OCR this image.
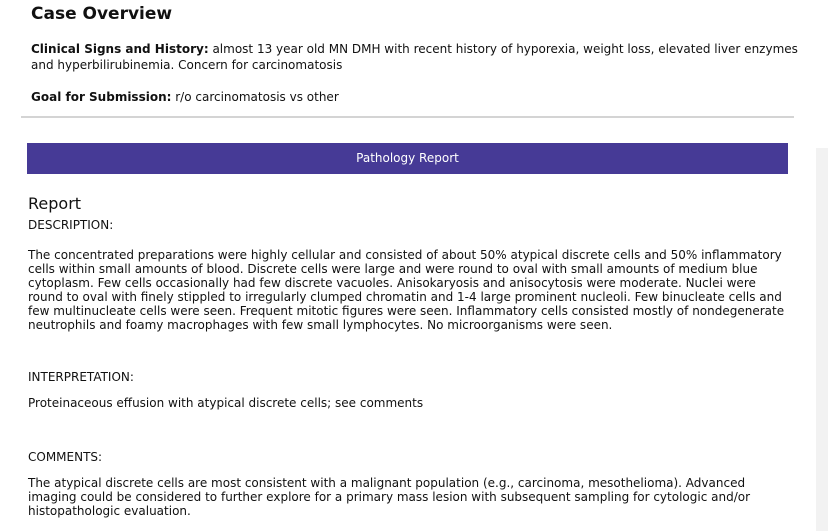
Case Overview

Clinical Signs and History: almost 13 year old MN DMH with recent history of hyporexia, weight loss, elevated liver enzymes and hyperbilirubinemia. Concern for carcinomatosis

Goal for Submission: r/o carcinomatosis vs other

Pathology Report
Report

DESCRIPTION:

The concentrated preparations were highly cellular and consisted of about 50% atypical discrete cells and 50% inflammatory cells within small amounts of blood. Discrete cells were large and were round to oval with small amounts of medium blue cytoplasm. Few cells occasionally had few discrete vacuoles. Anisokaryosis and anisocytosis were moderate. Nuclei were round to oval with finely stippled to irregularly clumped chromatin and 1-4 large prominent nucleoli. Few binucleate cells and few multinucleate cells were seen. Frequent mitotic figures were seen. Inflammatory cells consisted mostly of nondegenerate neutrophils and foamy macrophages with few small lymphocytes. No microorganisms were seen.

INTERPRETATION:

Proteinaceous effusion with atypical discrete cells; see comments

COMMENTS:

The atypical discrete cells are most consistent with a malignant population (e.g., carcinoma, mesothelioma). Advanced imaging could be considered to further explore for a primary mass lesion with subsequent sampling for cytologic and/or histopathologic evaluation.
